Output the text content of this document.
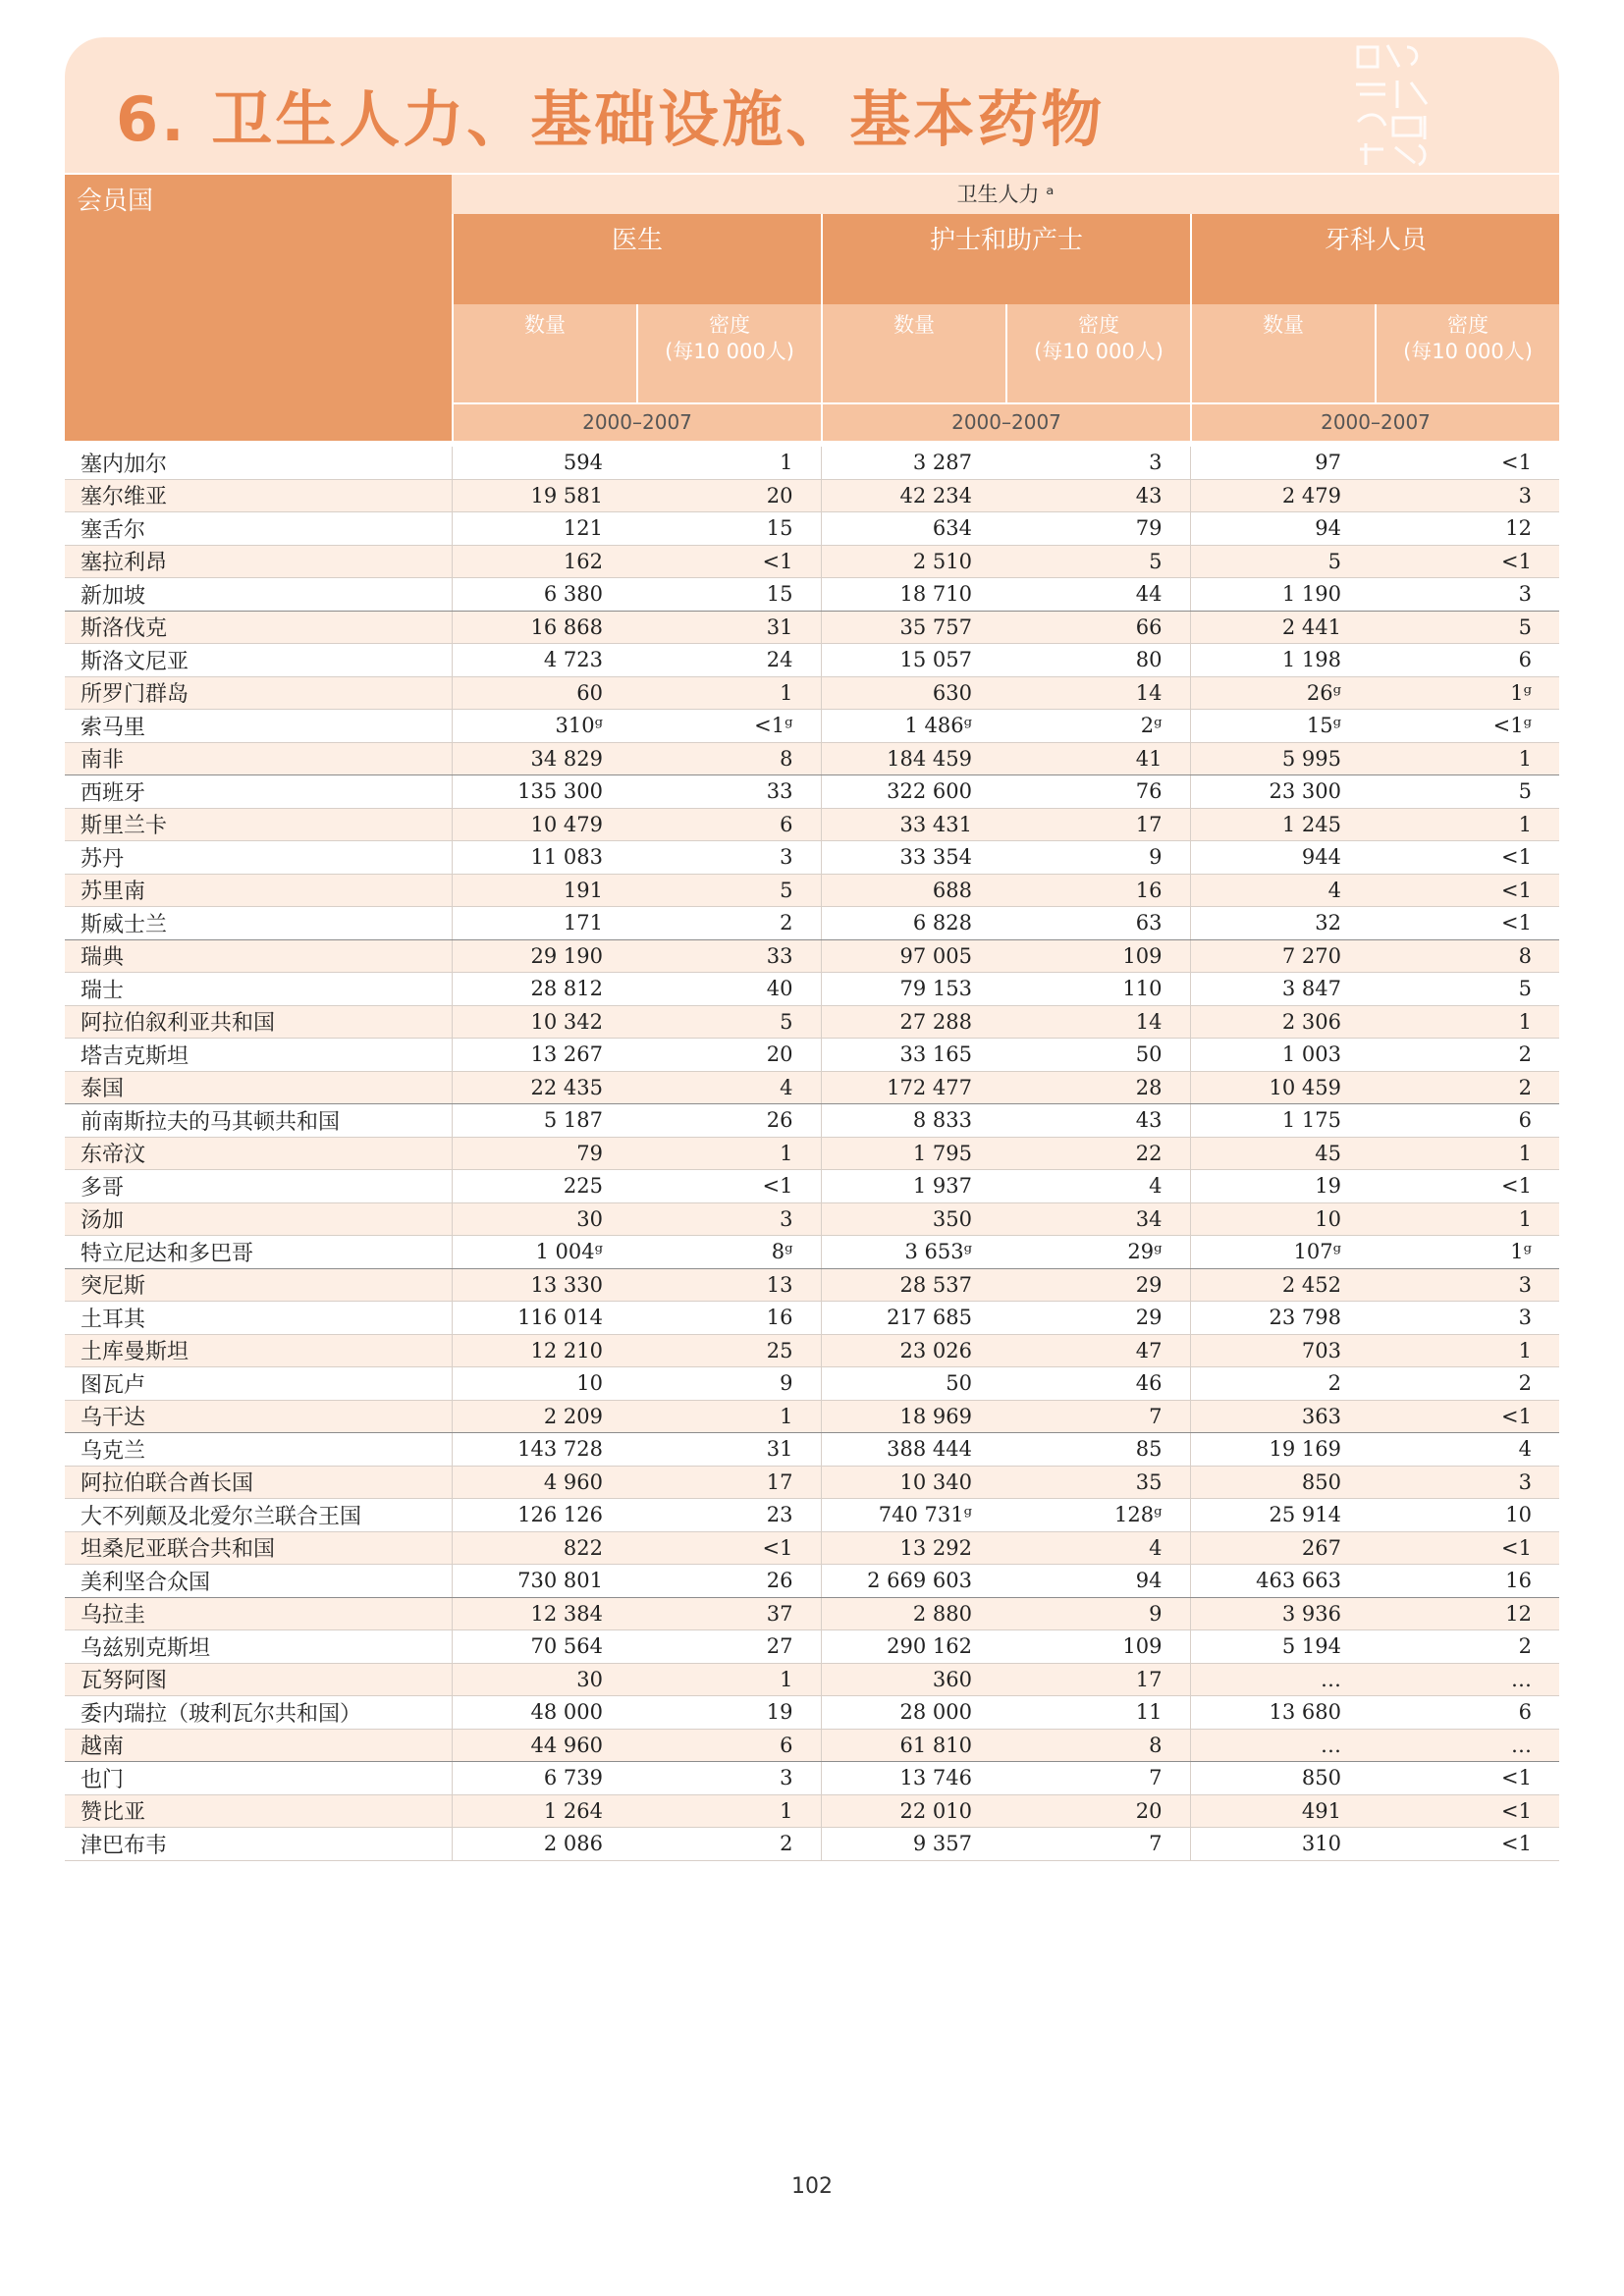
6. 卫生人力、基础设施、基本药物
会员国	卫生人力 ᵃ
医生	护士和助产士	牙科人员
数量	密度
(每10 000人)
数量	密度
(每10 000人)
数量	密度
(每10 000人)
2000–2007	2000–2007	2000–2007
塞内加尔	594	1	3 287	3	97	<1
塞尔维亚	19 581	20	42 234	43	2 479	3
塞舌尔	121	15	634	79	94	12
塞拉利昂	162	<1	2 510	5	5	<1
新加坡	6 380	15	18 710	44	1 190	3
斯洛伐克	16 868	31	35 757	66	2 441	5
斯洛文尼亚	4 723	24	15 057	80	1 198	6
所罗门群岛	60	1	630	14	26ᵍ	1ᵍ
索马里	310ᵍ	<1ᵍ	1 486ᵍ	2ᵍ	15ᵍ	<1ᵍ
南非	34 829	8	184 459	41	5 995	1
西班牙	135 300	33	322 600	76	23 300	5
斯里兰卡	10 479	6	33 431	17	1 245	1
苏丹	11 083	3	33 354	9	944	<1
苏里南	191	5	688	16	4	<1
斯威士兰	171	2	6 828	63	32	<1
瑞典	29 190	33	97 005	109	7 270	8
瑞士	28 812	40	79 153	110	3 847	5
阿拉伯叙利亚共和国	10 342	5	27 288	14	2 306	1
塔吉克斯坦	13 267	20	33 165	50	1 003	2
泰国	22 435	4	172 477	28	10 459	2
前南斯拉夫的马其顿共和国	5 187	26	8 833	43	1 175	6
东帝汶	79	1	1 795	22	45	1
多哥	225	<1	1 937	4	19	<1
汤加	30	3	350	34	10	1
特立尼达和多巴哥	1 004ᵍ	8ᵍ	3 653ᵍ	29ᵍ	107ᵍ	1ᵍ
突尼斯	13 330	13	28 537	29	2 452	3
土耳其	116 014	16	217 685	29	23 798	3
土库曼斯坦	12 210	25	23 026	47	703	1
图瓦卢	10	9	50	46	2	2
乌干达	2 209	1	18 969	7	363	<1
乌克兰	143 728	31	388 444	85	19 169	4
阿拉伯联合酋长国	4 960	17	10 340	35	850	3
大不列颠及北爱尔兰联合王国	126 126	23	740 731ᵍ	128ᵍ	25 914	10
坦桑尼亚联合共和国	822	<1	13 292	4	267	<1
美利坚合众国	730 801	26	2 669 603	94	463 663	16
乌拉圭	12 384	37	2 880	9	3 936	12
乌兹别克斯坦	70 564	27	290 162	109	5 194	2
瓦努阿图	30	1	360	17	…	…
委内瑞拉（玻利瓦尔共和国）	48 000	19	28 000	11	13 680	6
越南	44 960	6	61 810	8	…	…
也门	6 739	3	13 746	7	850	<1
赞比亚	1 264	1	22 010	20	491	<1
津巴布韦	2 086	2	9 357	7	310	<1
102
